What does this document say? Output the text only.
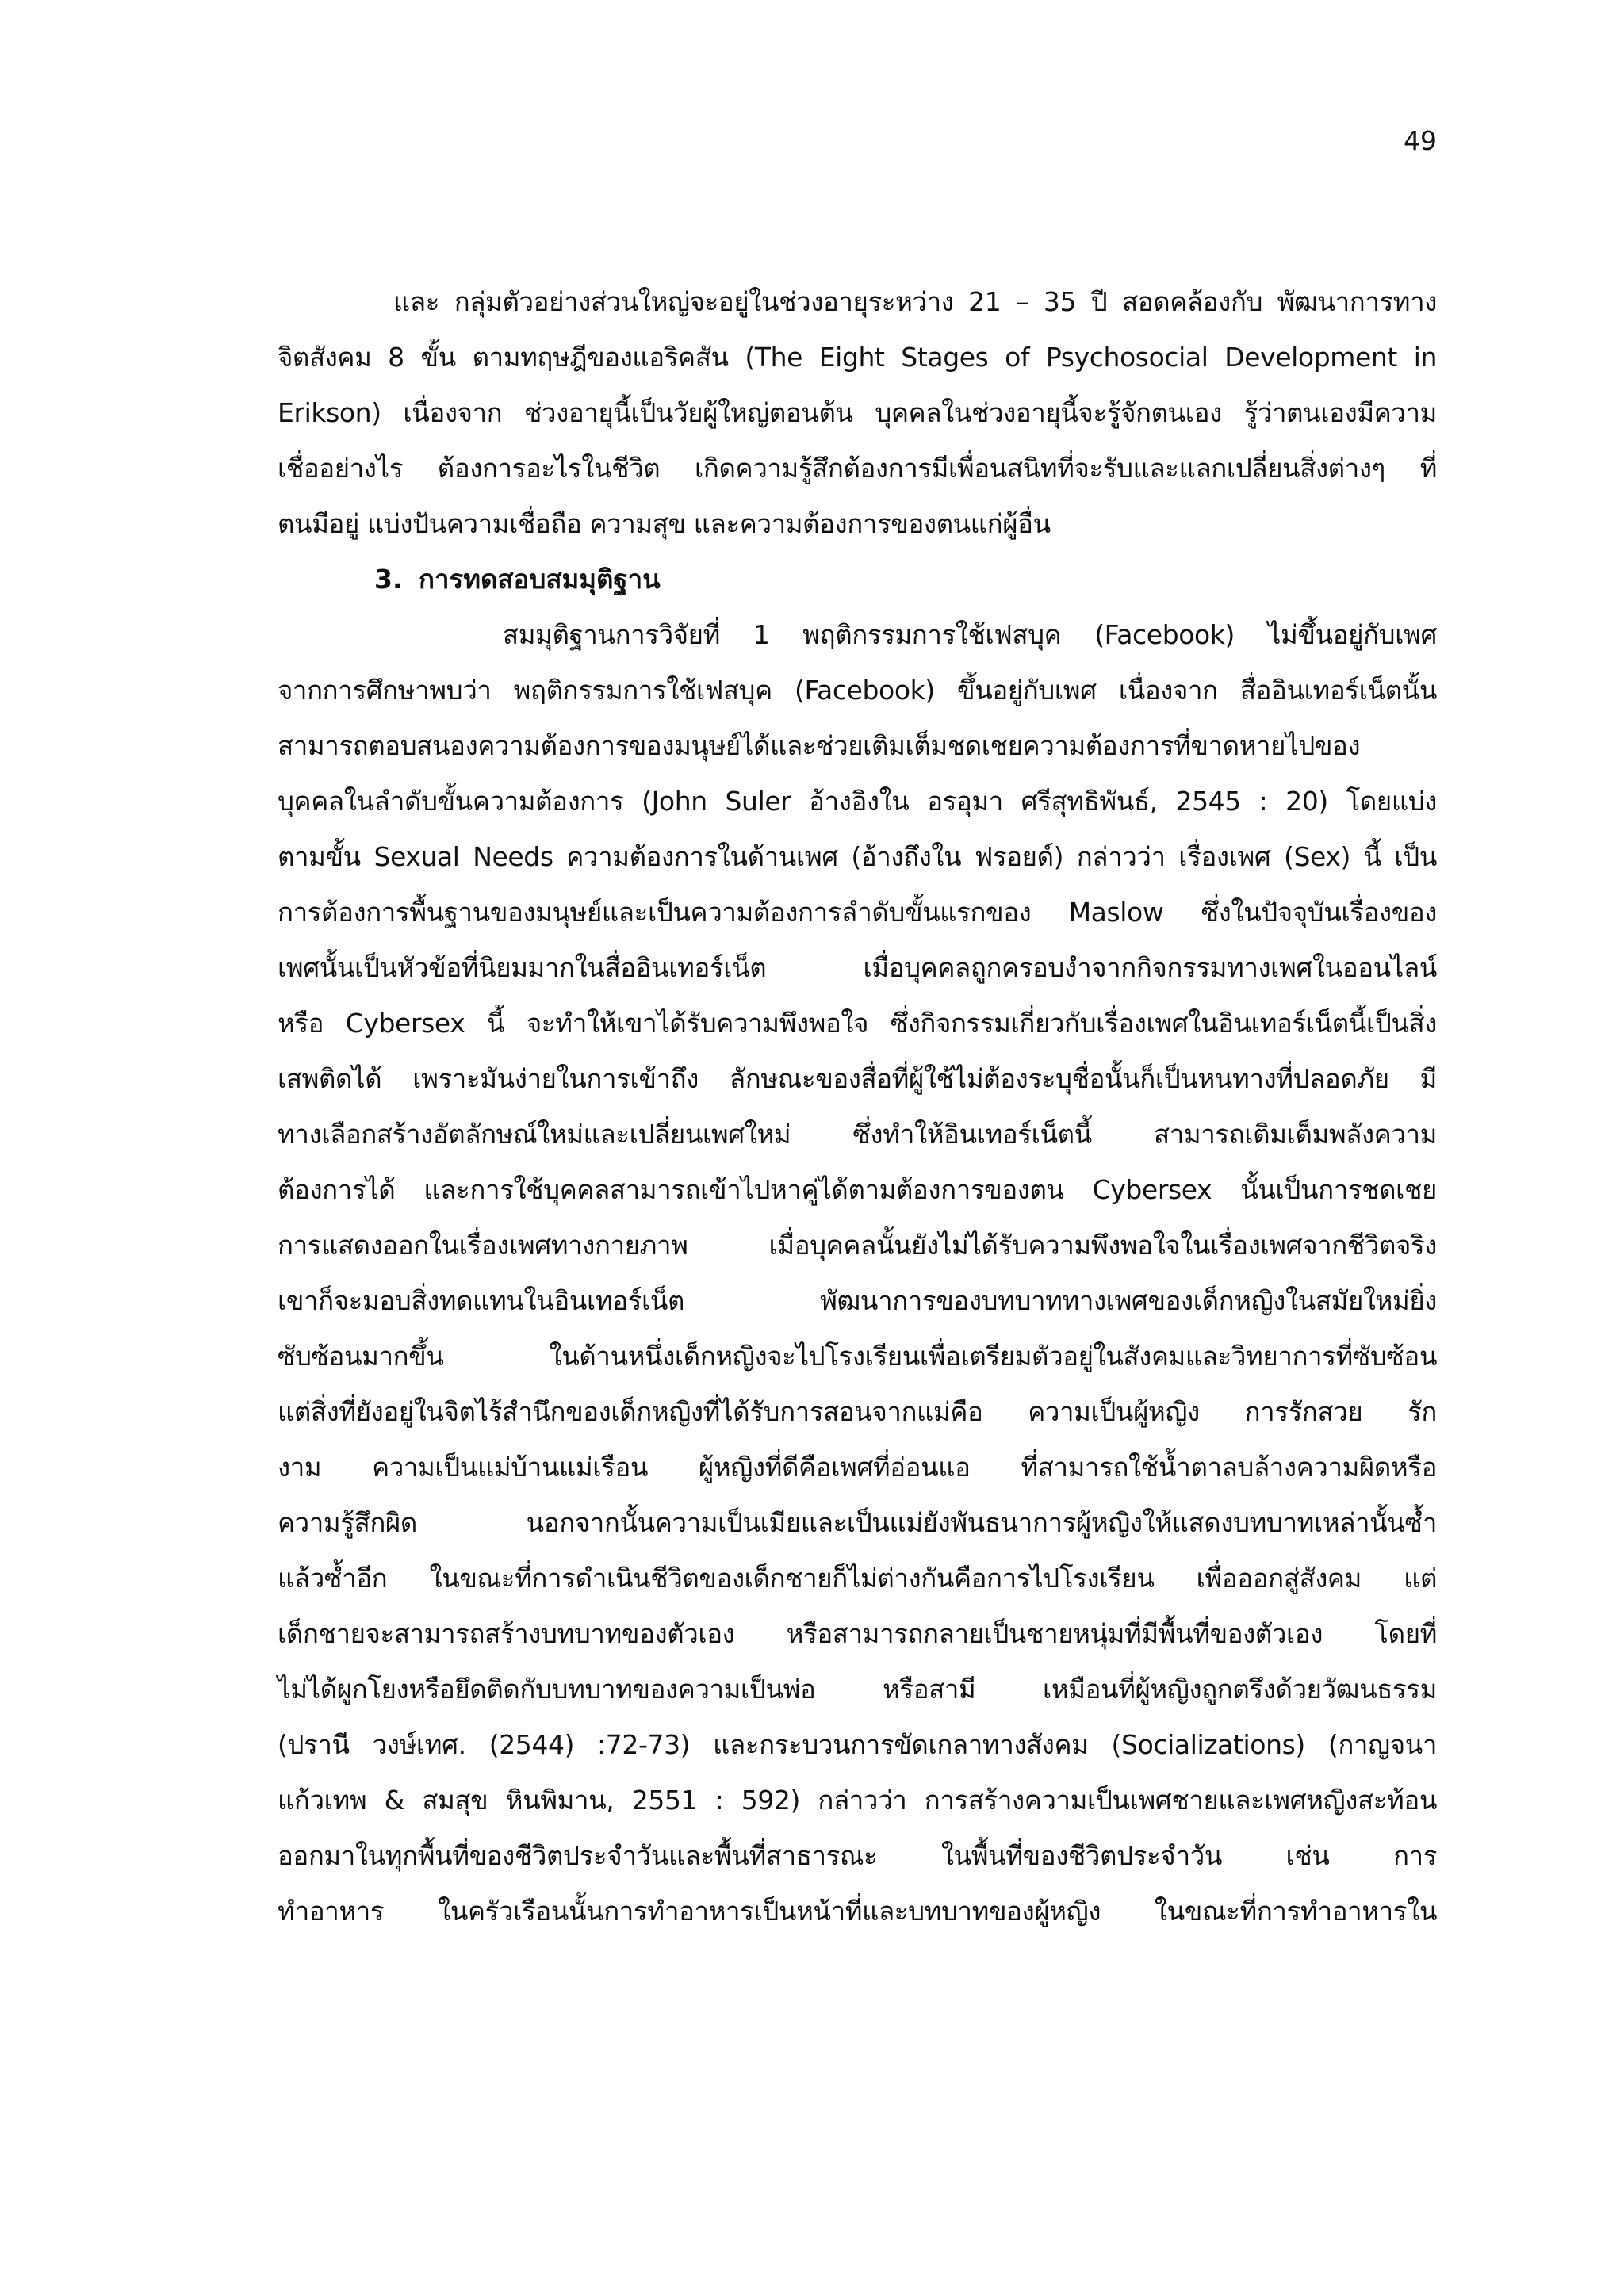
49
และ กลุ่มตัวอย่างส่วนใหญ่จะอยู่ในช่วงอายุระหว่าง 21 – 35 ปี สอดคล้องกับ พัฒนาการทาง
จิตสังคม 8 ขั้น ตามทฤษฎีของแอริคสัน (The Eight Stages of Psychosocial Development in
Erikson) เนื่องจาก ช่วงอายุนี้เป็นวัยผู้ใหญ่ตอนต้น บุคคลในช่วงอายุนี้จะรู้จักตนเอง รู้ว่าตนเองมีความ
เชื่ออย่างไร ต้องการอะไรในชีวิต เกิดความรู้สึกต้องการมีเพื่อนสนิทที่จะรับและแลกเปลี่ยนสิ่งต่างๆ ที่
ตนมีอยู่ แบ่งปันความเชื่อถือ ความสุข และความต้องการของตนแก่ผู้อื่น
3. การทดสอบสมมุติฐาน
สมมุติฐานการวิจัยที่ 1 พฤติกรรมการใช้เฟสบุค (Facebook) ไม่ขึ้นอยู่กับเพศ
จากการศึกษาพบว่า พฤติกรรมการใช้เฟสบุค (Facebook) ขึ้นอยู่กับเพศ เนื่องจาก สื่ออินเทอร์เน็ตนั้น
สามารถตอบสนองความต้องการของมนุษย์ได้และช่วยเติมเต็มชดเชยความต้องการที่ขาดหายไปของ
บุคคลในลำดับขั้นความต้องการ (John Suler อ้างอิงใน อรอุมา ศรีสุทธิพันธ์, 2545 : 20) โดยแบ่ง
ตามขั้น Sexual Needs ความต้องการในด้านเพศ (อ้างถึงใน ฟรอยด์) กล่าวว่า เรื่องเพศ (Sex) นี้ เป็น
การต้องการพื้นฐานของมนุษย์และเป็นความต้องการลำดับขั้นแรกของ Maslow ซึ่งในปัจจุบันเรื่องของ
เพศนั้นเป็นหัวข้อที่นิยมมากในสื่ออินเทอร์เน็ต เมื่อบุคคลถูกครอบงำจากกิจกรรมทางเพศในออนไลน์
หรือ Cybersex นี้ จะทำให้เขาได้รับความพึงพอใจ ซึ่งกิจกรรมเกี่ยวกับเรื่องเพศในอินเทอร์เน็ตนี้เป็นสิ่ง
เสพติดได้ เพราะมันง่ายในการเข้าถึง ลักษณะของสื่อที่ผู้ใช้ไม่ต้องระบุชื่อนั้นก็เป็นหนทางที่ปลอดภัย มี
ทางเลือกสร้างอัตลักษณ์ใหม่และเปลี่ยนเพศใหม่ ซึ่งทำให้อินเทอร์เน็ตนี้ สามารถเติมเต็มพลังความ
ต้องการได้ และการใช้บุคคลสามารถเข้าไปหาคู่ได้ตามต้องการของตน Cybersex นั้นเป็นการชดเชย
การแสดงออกในเรื่องเพศทางกายภาพ เมื่อบุคคลนั้นยังไม่ได้รับความพึงพอใจในเรื่องเพศจากชีวิตจริง
เขาก็จะมอบสิ่งทดแทนในอินเทอร์เน็ต พัฒนาการของบทบาททางเพศของเด็กหญิงในสมัยใหม่ยิ่ง
ซับซ้อนมากขึ้น ในด้านหนึ่งเด็กหญิงจะไปโรงเรียนเพื่อเตรียมตัวอยู่ในสังคมและวิทยาการที่ซับซ้อน
แต่สิ่งที่ยังอยู่ในจิตไร้สำนึกของเด็กหญิงที่ได้รับการสอนจากแม่คือ ความเป็นผู้หญิง การรักสวย รัก
งาม ความเป็นแม่บ้านแม่เรือน ผู้หญิงที่ดีคือเพศที่อ่อนแอ ที่สามารถใช้น้ำตาลบล้างความผิดหรือ
ความรู้สึกผิด นอกจากนั้นความเป็นเมียและเป็นแม่ยังพันธนาการผู้หญิงให้แสดงบทบาทเหล่านั้นซ้ำ
แล้วซ้ำอีก ในขณะที่การดำเนินชีวิตของเด็กชายก็ไม่ต่างกันคือการไปโรงเรียน เพื่อออกสู่สังคม แต่
เด็กชายจะสามารถสร้างบทบาทของตัวเอง หรือสามารถกลายเป็นชายหนุ่มที่มีพื้นที่ของตัวเอง โดยที่
ไม่ได้ผูกโยงหรือยึดติดกับบทบาทของความเป็นพ่อ หรือสามี เหมือนที่ผู้หญิงถูกตรึงด้วยวัฒนธรรม
(ปรานี วงษ์เทศ. (2544) :72-73) และกระบวนการขัดเกลาทางสังคม (Socializations) (กาญจนา
แก้วเทพ & สมสุข หินพิมาน, 2551 : 592) กล่าวว่า การสร้างความเป็นเพศชายและเพศหญิงสะท้อน
ออกมาในทุกพื้นที่ของชีวิตประจำวันและพื้นที่สาธารณะ ในพื้นที่ของชีวิตประจำวัน เช่น การ
ทำอาหาร ในครัวเรือนนั้นการทำอาหารเป็นหน้าที่และบทบาทของผู้หญิง ในขณะที่การทำอาหารใน
